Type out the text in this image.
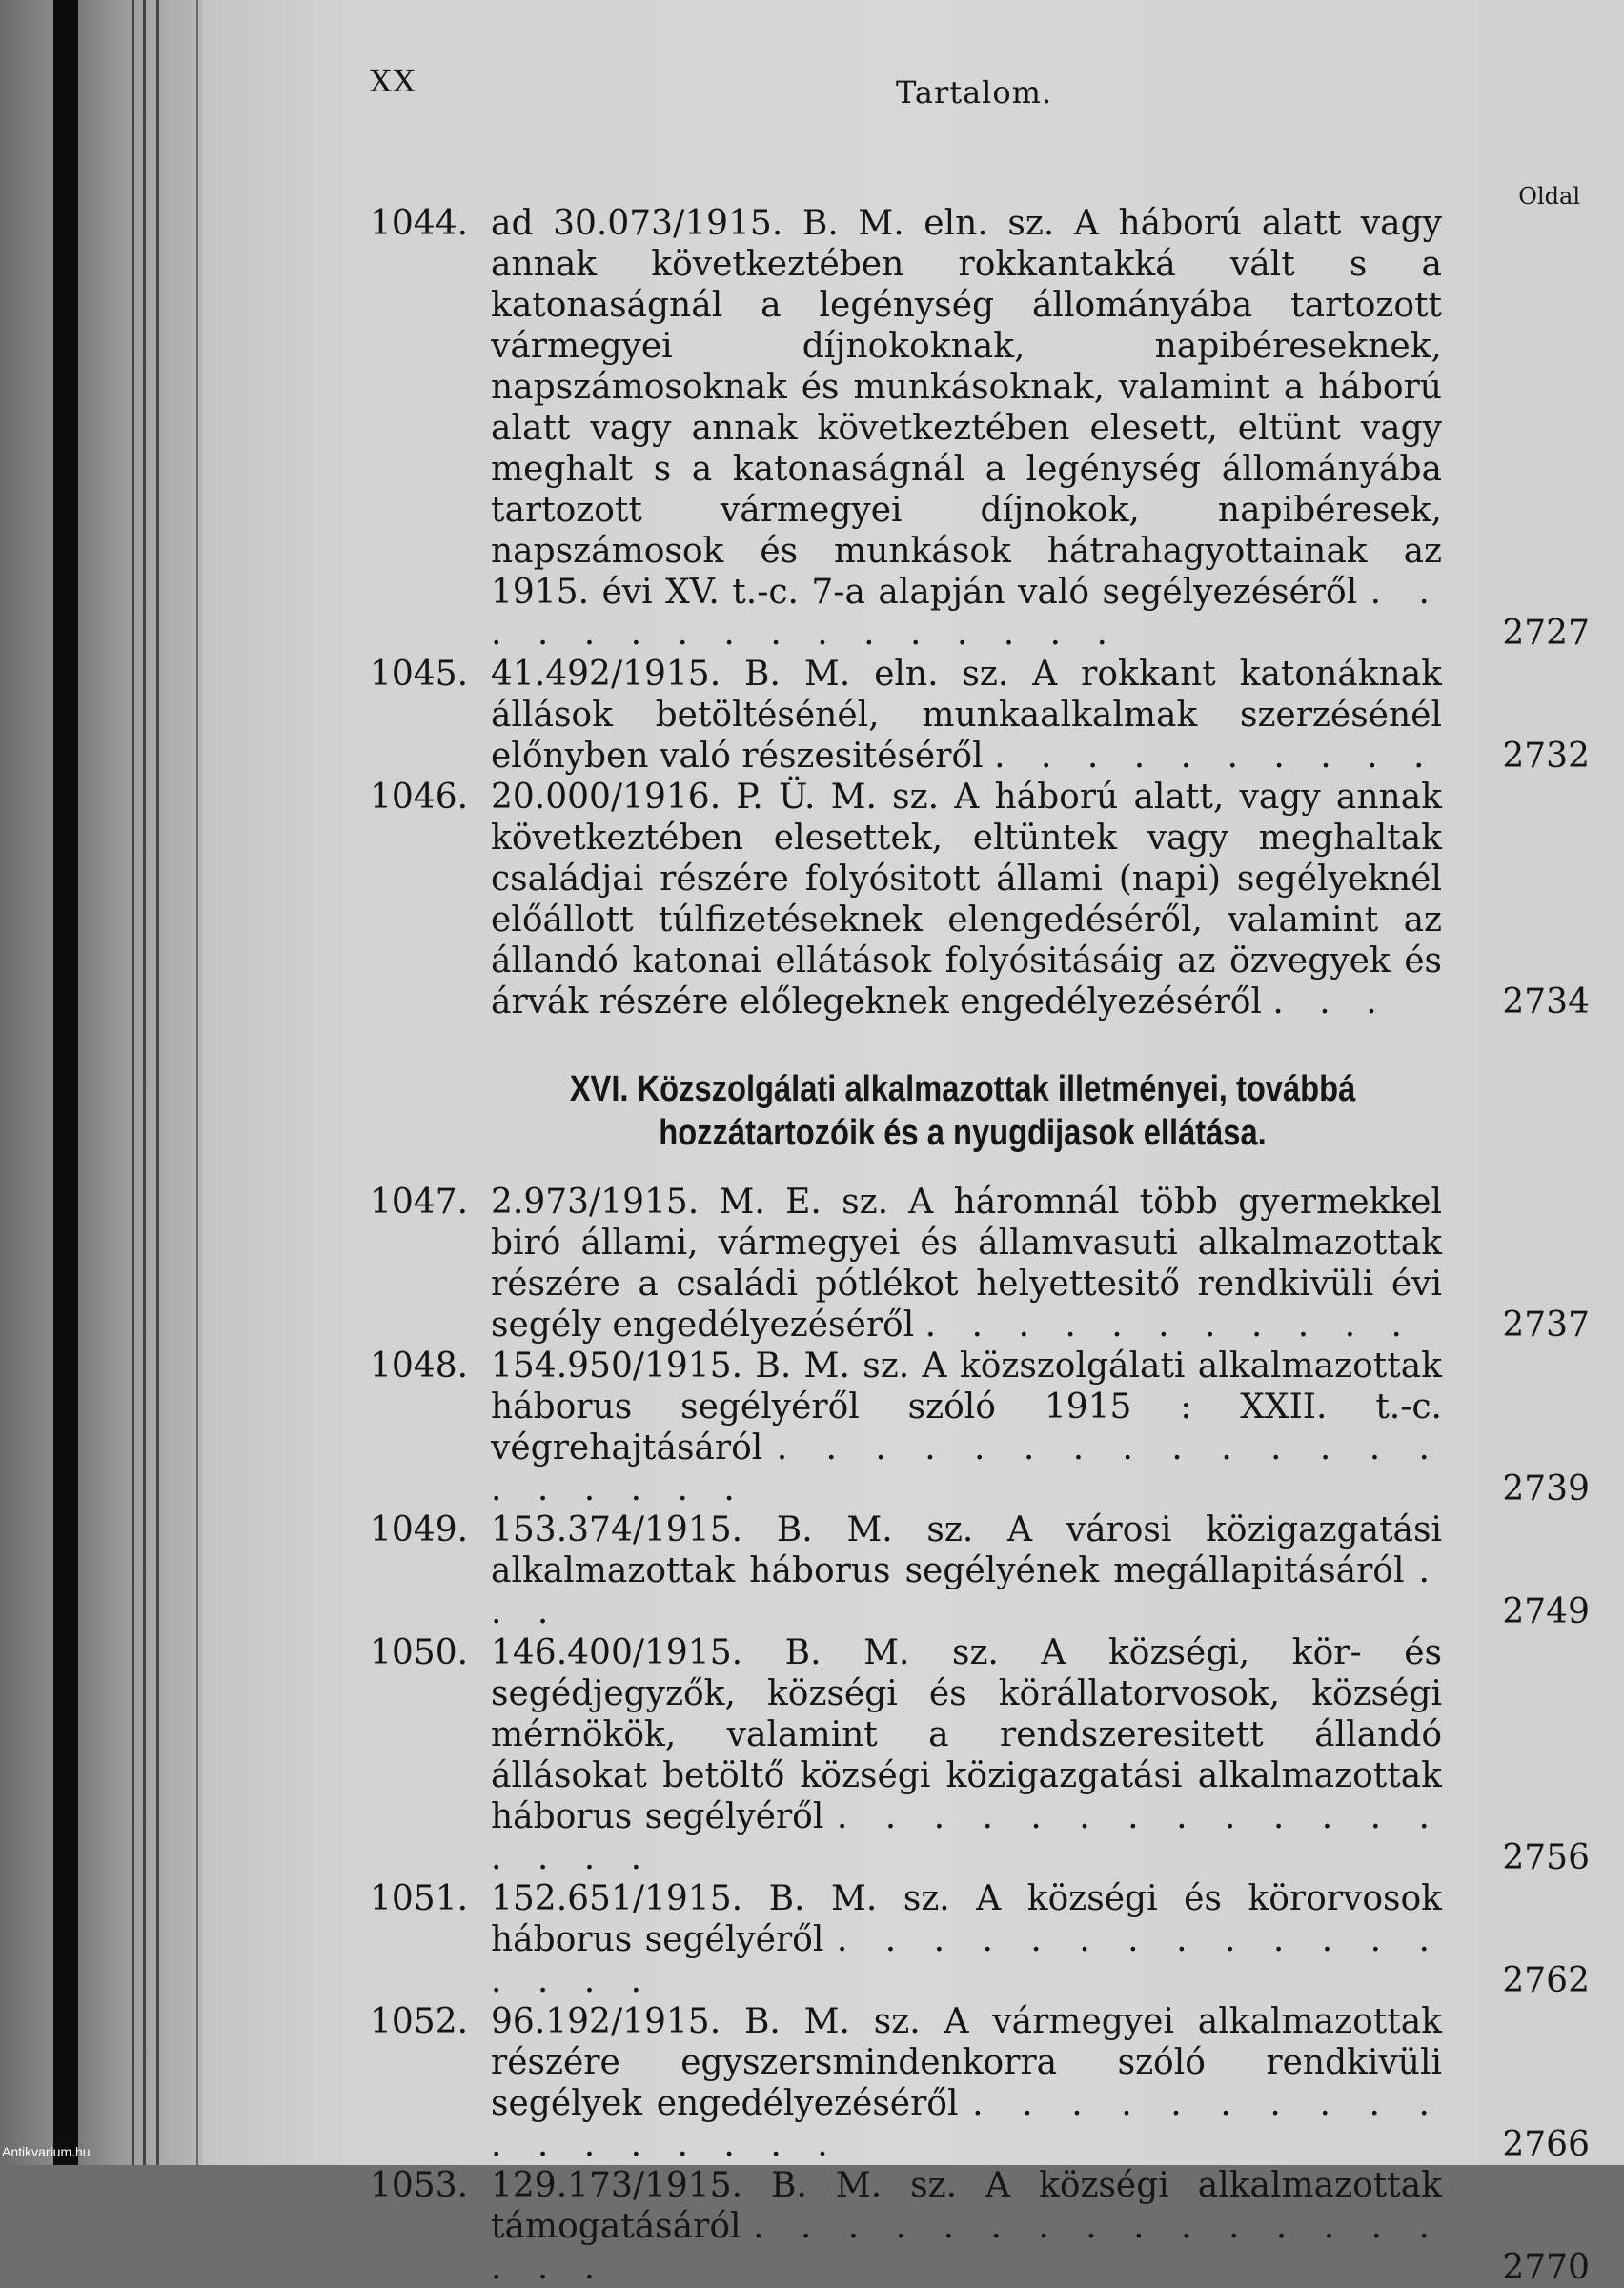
XX	Tartalom.
Oldal
1044. ad 30.073/1915. B. M. eln. sz. A háború alatt vagy annak következtében rokkantakká vált s a katonaságnál a legénység állományába tartozott vármegyei díjnokoknak, napibéreseknek, napszámosoknak és munkásoknak, valamint a háború alatt vagy annak következtében elesett, eltünt vagy meghalt s a katonaságnál a legénység állományába tartozott vármegyei díjnokok, napibéresek, napszámosok és munkások hátrahagyottainak az 1915. évi XV. t.-c. 7-a alapján való segélyezéséről . . . . . . . . . . . . . . . .	2727
1045. 41.492/1915. B. M. eln. sz. A rokkant katonáknak állások betöltésénél, munkaalkalmak szerzésénél előnyben való részesitéséről . . . . . . . . . . 2732
1046. 20.000/1916. P. Ü. M. sz. A háború alatt, vagy annak következtében elesettek, eltüntek vagy meghaltak családjai részére folyósitott állami (napi) segélyeknél előállott túlfizetéseknek elengedéséről, valamint az állandó katonai ellátások folyósitásáig az özvegyek és árvák részére előlegeknek engedélyezéséről . . .	2734
XVI. Közszolgálati alkalmazottak illetményei, továbbá
hozzátartozóik és a nyugdijasok ellátása.
1047. 2.973/1915. M. E. sz. A háromnál több gyermekkel biró állami, vármegyei és államvasuti alkalmazottak részére a családi pótlékot helyettesitő rendkivüli évi segély engedélyezéséről . . . . . . . . . . .	2737
1048. 154.950/1915. B. M. sz. A közszolgálati alkalmazottak háborus segélyéről szóló 1915 : XXII. t.-c. végrehajtásáról . . . . . . . . . . . . . . . . . . . .	2739
1049. 153.374/1915. B. M. sz. A városi közigazgatási alkalmazottak háborus segélyének megállapitásáról . . .	2749
1050. 146.400/1915. B. M. sz. A községi, kör- és segédjegyzők, községi és körállatorvosok, községi mérnökök, valamint a rendszeresitett állandó állásokat betöltő községi közigazgatási alkalmazottak háborus segélyéről . . . . . . . . . . . . . . . . .	2756
1051. 152.651/1915. B. M. sz. A községi és körorvosok háborus segélyéről . . . . . . . . . . . . . . . . .	2762
1052. 96.192/1915. B. M. sz. A vármegyei alkalmazottak részére egyszersmindenkorra szóló rendkivüli segélyek engedélyezéséről . . . . . . . . . . . . . . . . . .	2766
1053. 129.173/1915. B. M. sz. A községi alkalmazottak támogatásáról . . . . . . . . . . . . . . . . . .	2770
Antikvarium.hu
